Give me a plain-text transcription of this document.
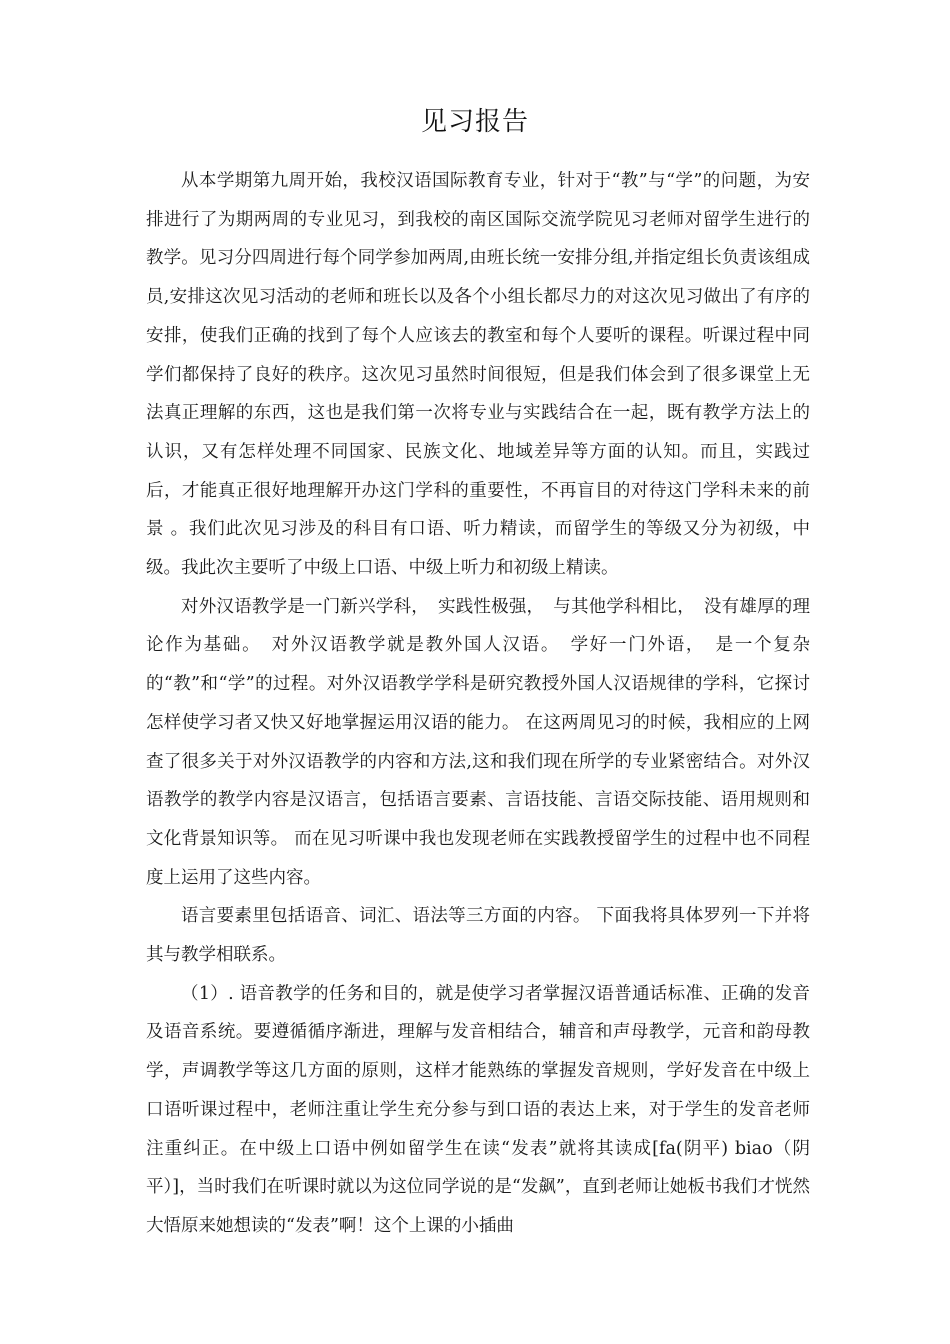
见习报告

从本学期第九周开始，我校汉语国际教育专业，针对于“教”与“学”的问题，为安排进行了为期两周的专业见习，到我校的南区国际交流学院见习老师对留学生进行的教学。见习分四周进行每个同学参加两周,由班长统一安排分组,并指定组长负责该组成员,安排这次见习活动的老师和班长以及各个小组长都尽力的对这次见习做出了有序的安排，使我们正确的找到了每个人应该去的教室和每个人要听的课程。听课过程中同学们都保持了良好的秩序。这次见习虽然时间很短，但是我们体会到了很多课堂上无法真正理解的东西，这也是我们第一次将专业与实践结合在一起，既有教学方法上的认识，又有怎样处理不同国家、民族文化、地域差异等方面的认知。而且，实践过后，才能真正很好地理解开办这门学科的重要性，不再盲目的对待这门学科未来的前景 。我们此次见习涉及的科目有口语、听力精读，而留学生的等级又分为初级，中级。我此次主要听了中级上口语、中级上听力和初级上精读。

对外汉语教学是一门新兴学科，　实践性极强，　与其他学科相比，　没有雄厚的理论作为基础。　对外汉语教学就是教外国人汉语。　学好一门外语，　是一个复杂的“教”和“学”的过程。对外汉语教学学科是研究教授外国人汉语规律的学科，它探讨怎样使学习者又快又好地掌握运用汉语的能力。 在这两周见习的时候，我相应的上网查了很多关于对外汉语教学的内容和方法,这和我们现在所学的专业紧密结合。对外汉语教学的教学内容是汉语言，包括语言要素、言语技能、言语交际技能、语用规则和文化背景知识等。 而在见习听课中我也发现老师在实践教授留学生的过程中也不同程度上运用了这些内容。

语言要素里包括语音、词汇、语法等三方面的内容。 下面我将具体罗列一下并将其与教学相联系。

（1）. 语音教学的任务和目的，就是使学习者掌握汉语普通话标准、正确的发音及语音系统。要遵循循序渐进，理解与发音相结合，辅音和声母教学，元音和韵母教学，声调教学等这几方面的原则，这样才能熟练的掌握发音规则，学好发音在中级上口语听课过程中，老师注重让学生充分参与到口语的表达上来，对于学生的发音老师注重纠正。在中级上口语中例如留学生在读“发表”就将其读成[fa(阴平) biao（阴平）]，当时我们在听课时就以为这位同学说的是“发飙”，直到老师让她板书我们才恍然大悟原来她想读的“发表”啊！这个上课的小插曲
